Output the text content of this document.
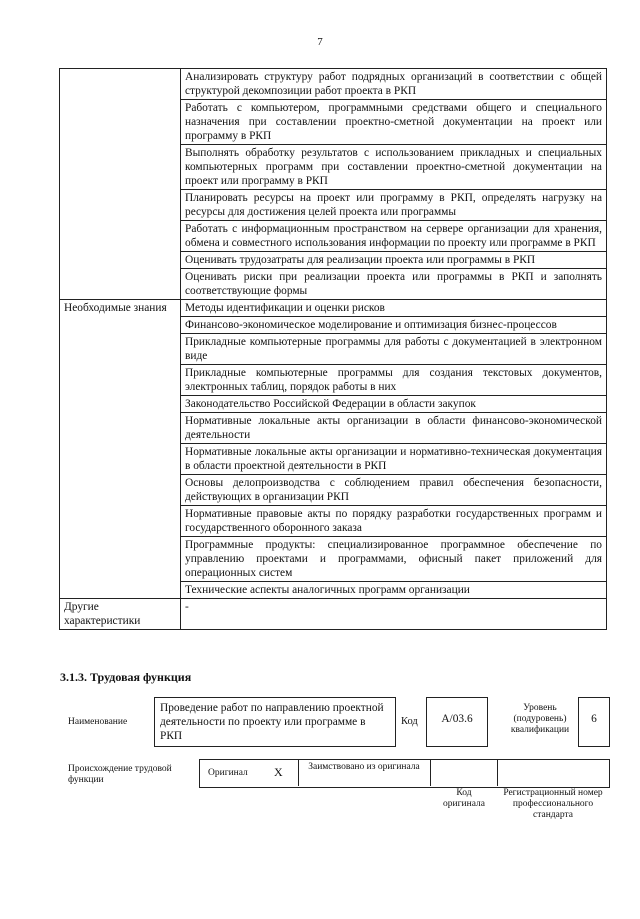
7
	Анализировать структуру работ подрядных организаций в соответствии с общей структурой декомпозиции работ проекта в РКП
	Работать с компьютером, программными средствами общего и специального назначения при составлении проектно-сметной документации на проект или программу в РКП
	Выполнять обработку результатов с использованием прикладных и специальных компьютерных программ при составлении проектно-сметной документации на проект или программу в РКП
	Планировать ресурсы на проект или программу в РКП, определять нагрузку на ресурсы для достижения целей проекта или программы
	Работать с информационным пространством на сервере организации для хранения, обмена и совместного использования информации по проекту или программе в РКП
	Оценивать трудозатраты для реализации проекта или программы в РКП
	Оценивать риски при реализации проекта или программы в РКП и заполнять соответствующие формы
Необходимые знания	Методы идентификации и оценки рисков
	Финансово-экономическое моделирование и оптимизация бизнес-процессов
	Прикладные компьютерные программы для работы с документацией в электронном виде
	Прикладные компьютерные программы для создания текстовых документов, электронных таблиц, порядок работы в них
	Законодательство Российской Федерации в области закупок
	Нормативные локальные акты организации в области финансово-экономической деятельности
	Нормативные локальные акты организации и нормативно-техническая документация в области проектной деятельности в РКП
	Основы делопроизводства с соблюдением правил обеспечения безопасности, действующих в организации РКП
	Нормативные правовые акты по порядку разработки государственных программ и государственного оборонного заказа
	Программные продукты: специализированное программное обеспечение по управлению проектами и программами, офисный пакет приложений для операционных систем
	Технические аспекты аналогичных программ организации
Другие характеристики	-
3.1.3. Трудовая функция
Наименование
Проведение работ по направлению проектной деятельности по проекту или программе в РКП
Код	А/03.6
Уровень (подуровень) квалификации
6
Происхождение трудовой функции
Оригинал Х	Заимствовано из оригинала
Код оригинала
Регистрационный номер профессионального стандарта
